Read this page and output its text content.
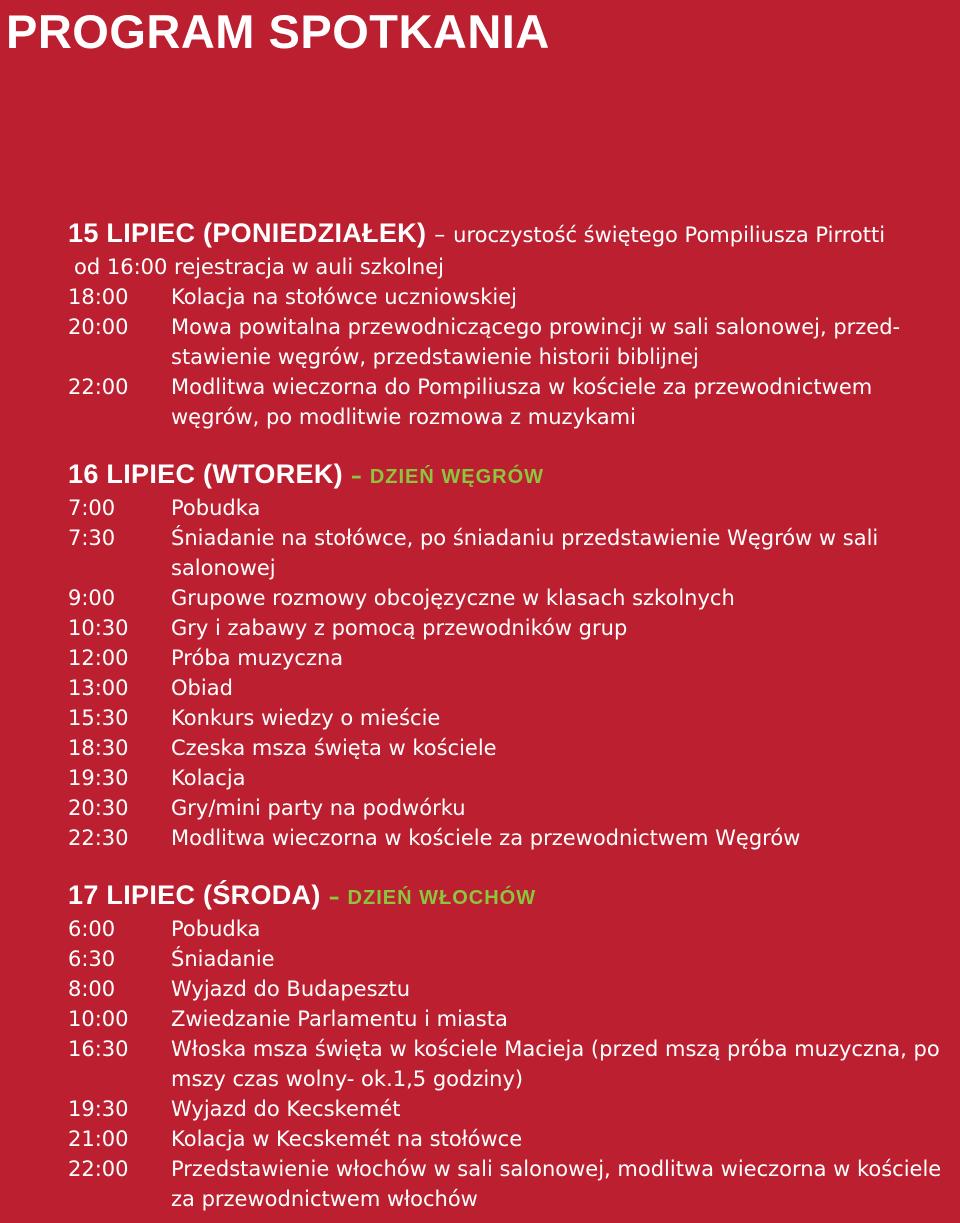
PROGRAM SPOTKANIA
15 LIPIEC (PONIEDZIAŁEK) – uroczystość świętego Pompiliusza Pirrotti
od 16:00 rejestracja w auli szkolnej
18:00	Kolacja na stołówce uczniowskiej
20:00	Mowa powitalna przewodniczącego prowincji w sali salonowej, przed- stawienie węgrów, przedstawienie historii biblijnej
22:00	Modlitwa wieczorna do Pompiliusza w kościele za przewodnictwem węgrów, po modlitwie rozmowa z muzykami
16 LIPIEC (WTOREK) – DZIEŃ WĘGRÓW
7:00	Pobudka
7:30	Śniadanie na stołówce, po śniadaniu przedstawienie Węgrów w sali salonowej
9:00	Grupowe rozmowy obcojęzyczne w klasach szkolnych
10:30	Gry i zabawy z pomocą przewodników grup
12:00	Próba muzyczna
13:00	Obiad
15:30	Konkurs wiedzy o mieście
18:30	Czeska msza święta w kościele
19:30	Kolacja
20:30	Gry/mini party na podwórku
22:30	Modlitwa wieczorna w kościele za przewodnictwem Węgrów
17 LIPIEC (ŚRODA) – DZIEŃ WŁOCHÓW
6:00	Pobudka
6:30	Śniadanie
8:00	Wyjazd do Budapesztu
10:00	Zwiedzanie Parlamentu i miasta
16:30	Włoska msza święta w kościele Macieja (przed mszą próba muzyczna, po mszy czas wolny- ok.1,5 godziny)
19:30	Wyjazd do Kecskemét
21:00	Kolacja w Kecskemét na stołówce
22:00	Przedstawienie włochów w sali salonowej, modlitwa wieczorna w kościele za przewodnictwem włochów
